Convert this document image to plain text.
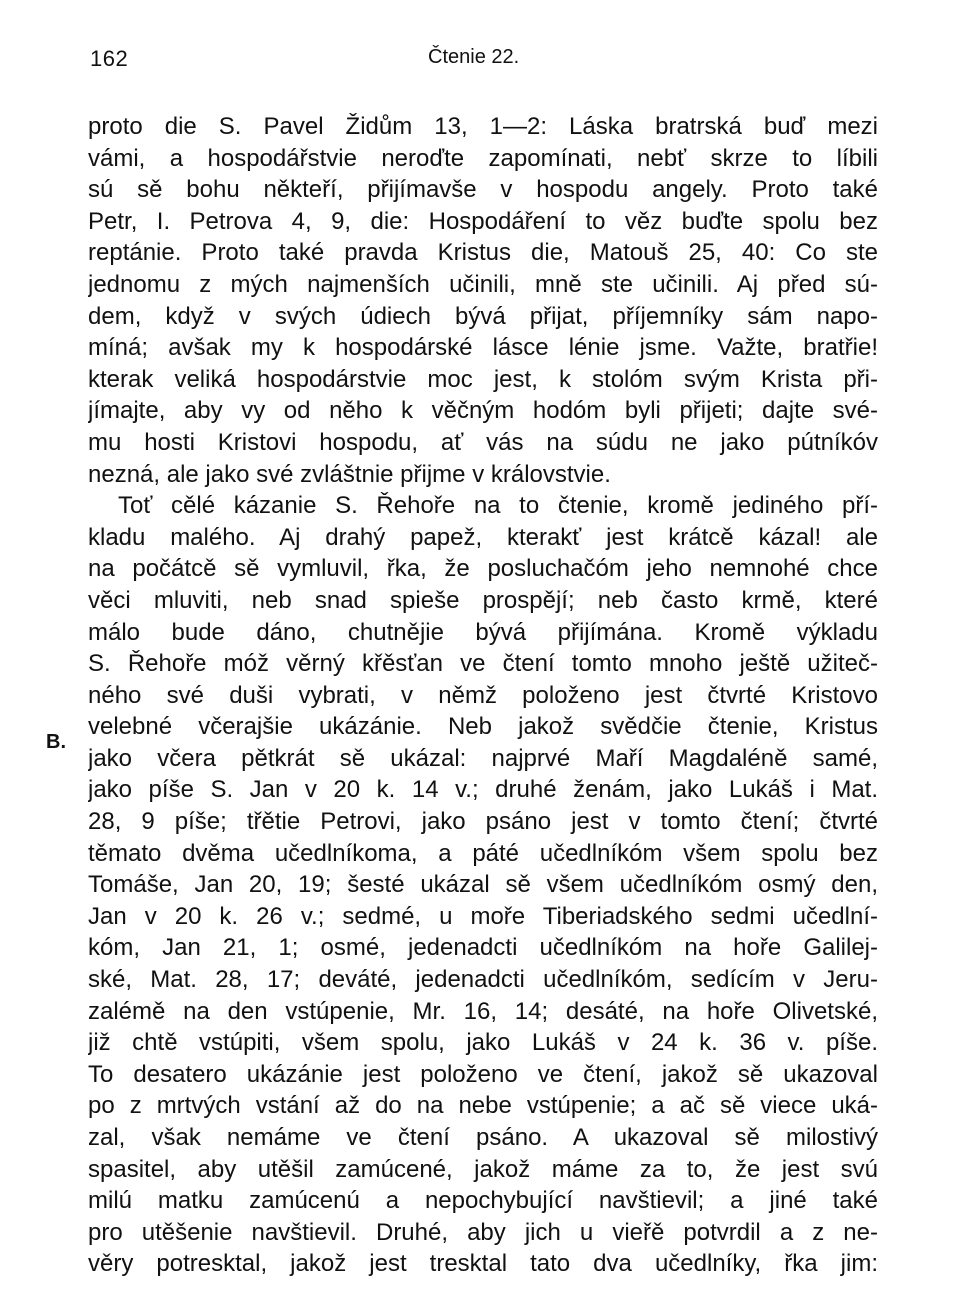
162	Čtenie 22.
B.
proto die S. Pavel Židům 13, 1—2: Láska bratrská buď mezi
vámi, a hospodářstvie neroďte zapomínati, nebť skrze to líbili
sú sě bohu někteří, přijímavše v hospodu angely. Proto také
Petr, I. Petrova 4, 9, die: Hospodáření to věz buďte spolu bez
reptánie. Proto také pravda Kristus die, Matouš 25, 40: Co ste
jednomu z mých najmenších učinili, mně ste učinili. Aj před sú-
dem, když v svých údiech bývá přijat, příjemníky sám napo-
míná; avšak my k hospodárské lásce lénie jsme. Važte, bratřie!
kterak veliká hospodárstvie moc jest, k stolóm svým Krista při-
jímajte, aby vy od něho k věčným hodóm byli přijeti; dajte své-
mu hosti Kristovi hospodu, ať vás na súdu ne jako pútníkóv
nezná, ale jako své zvláštnie přijme v královstvie.
Toť cělé kázanie S. Řehoře na to čtenie, kromě jediného pří-
kladu malého. Aj drahý papež, kterakť jest krátcě kázal! ale
na počátcě sě vymluvil, řka, že posluchačóm jeho nemnohé chce
věci mluviti, neb snad spieše prospějí; neb často krmě, které
málo bude dáno, chutnějie bývá přijímána. Kromě výkladu
S. Řehoře móž věrný křěsťan ve čtení tomto mnoho ještě užiteč-
ného své duši vybrati, v němž položeno jest čtvrté Kristovo
velebné včerajšie ukázánie. Neb jakož svědčie čtenie, Kristus
jako včera pětkrát sě ukázal: najprvé Maří Magdaléně samé,
jako píše S. Jan v 20 k. 14 v.; druhé ženám, jako Lukáš i Mat.
28, 9 píše; třětie Petrovi, jako psáno jest v tomto čtení; čtvrté
těmato dvěma učedlníkoma, a páté učedlníkóm všem spolu bez
Tomáše, Jan 20, 19; šesté ukázal sě všem učedlníkóm osmý den,
Jan v 20 k. 26 v.; sedmé, u moře Tiberiadského sedmi učedlní-
kóm, Jan 21, 1; osmé, jedenadcti učedlníkóm na hoře Galilej-
ské, Mat. 28, 17; deváté, jedenadcti učedlníkóm, sedícím v Jeru-
zalémě na den vstúpenie, Mr. 16, 14; desáté, na hoře Olivetské,
již chtě vstúpiti, všem spolu, jako Lukáš v 24 k. 36 v. píše.
To desatero ukázánie jest položeno ve čtení, jakož sě ukazoval
po z mrtvých vstání až do na nebe vstúpenie; a ač sě viece uká-
zal, však nemáme ve čtení psáno. A ukazoval sě milostivý
spasitel, aby utěšil zamúcené, jakož máme za to, že jest svú
milú matku zamúcenú a nepochybující navštievil; a jiné také
pro utěšenie navštievil. Druhé, aby jich u vieřě potvrdil a z ne-
věry potresktal, jakož jest tresktal tato dva učedlníky, řka jim:
